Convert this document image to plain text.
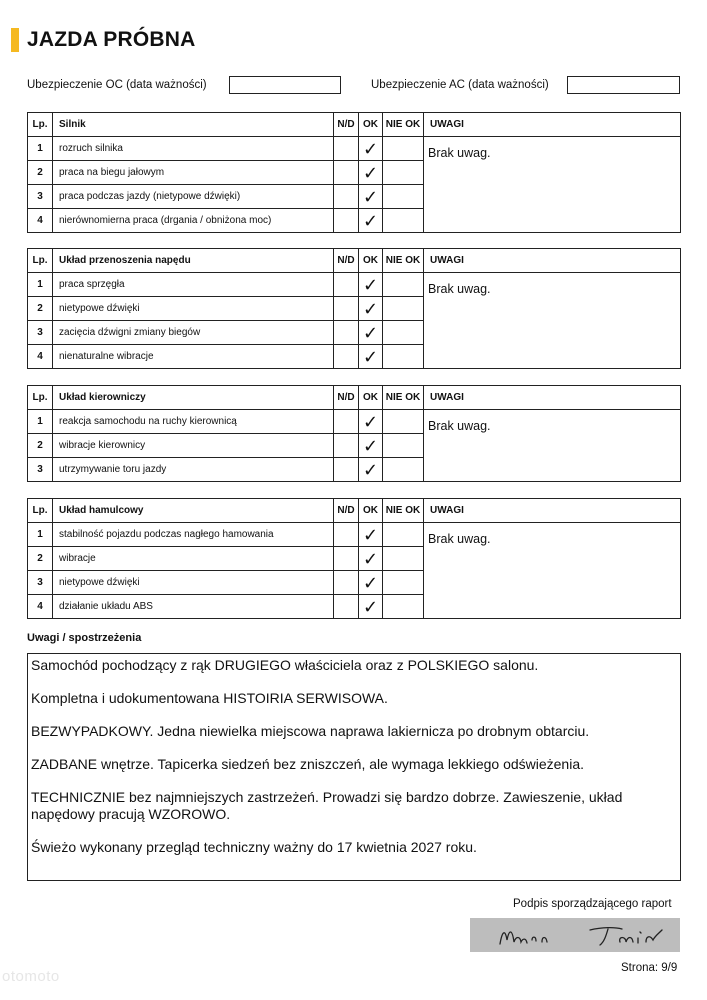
JAZDA PRÓBNA
Ubezpieczenie OC (data ważności)	Ubezpieczenie AC (data ważności)
Lp.	Silnik	N/D	OK	NIE OK	UWAGI
1	rozruch silnika		✓		Brak uwag.
2	praca na biegu jałowym		✓		
3	praca podczas jazdy (nietypowe dźwięki)		✓		
4	nierównomierna praca (drgania / obniżona moc)		✓		
Lp.	Układ przenoszenia napędu	N/D	OK	NIE OK	UWAGI
1	praca sprzęgła		✓		Brak uwag.
2	nietypowe dźwięki		✓		
3	zacięcia dźwigni zmiany biegów		✓		
4	nienaturalne wibracje		✓		
Lp.	Układ kierowniczy	N/D	OK	NIE OK	UWAGI
1	reakcja samochodu na ruchy kierownicą		✓		Brak uwag.
2	wibracje kierownicy		✓		
3	utrzymywanie toru jazdy		✓		
Lp.	Układ hamulcowy	N/D	OK	NIE OK	UWAGI
1	stabilność pojazdu podczas nagłego hamowania		✓		Brak uwag.
2	wibracje		✓		
3	nietypowe dźwięki		✓		
4	działanie układu ABS		✓		
Uwagi / spostrzeżenia

Samochód pochodzący z rąk DRUGIEGO właściciela oraz z POLSKIEGO salonu.

Kompletna i udokumentowana HISTOIRIA SERWISOWA.

BEZWYPADKOWY. Jedna niewielka miejscowa naprawa lakiernicza po drobnym obtarciu.

ZADBANE wnętrze. Tapicerka siedzeń bez zniszczeń, ale wymaga lekkiego odświeżenia.

TECHNICZNIE bez najmniejszych zastrzeżeń. Prowadzi się bardzo dobrze. Zawieszenie, układ napędowy pracują WZOROWO.

Świeżo wykonany przegląd techniczny ważny do 17 kwietnia 2027 roku.

Podpis sporządzającego raport
Strona: 9/9
otomoto
